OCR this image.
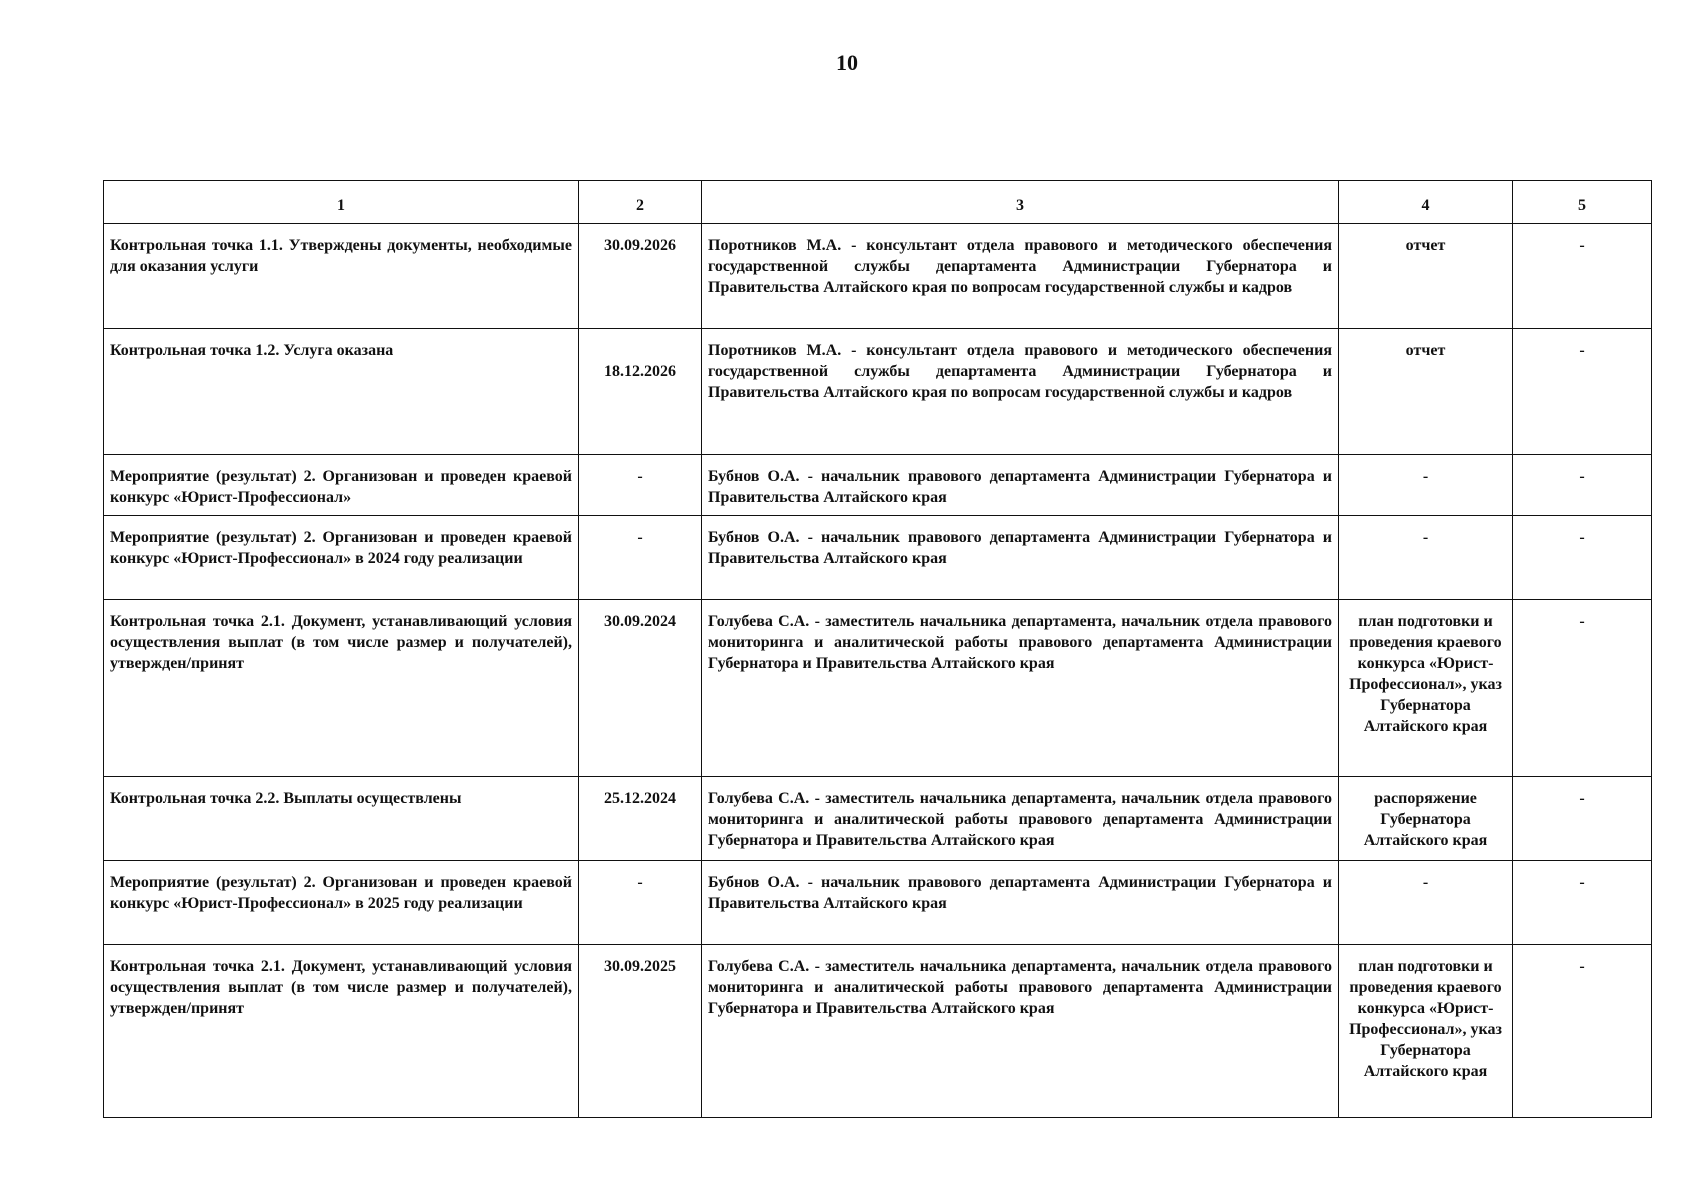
10
1	2	3	4	5
Контрольная точка 1.1. Утверждены документы, необходимые для оказания услуги	30.09.2026	Поротников М.А. - консультант отдела правового и методического обеспечения государственной службы департамента Администрации Губернатора и Правительства Алтайского края по вопросам государственной службы и кадров	отчет	-
Контрольная точка 1.2. Услуга оказана	18.12.2026	Поротников М.А. - консультант отдела правового и методического обеспечения государственной службы департамента Администрации Губернатора и Правительства Алтайского края по вопросам государственной службы и кадров	отчет	-
Мероприятие (результат) 2. Организован и проведен краевой конкурс «Юрист-Профессионал»	-	Бубнов О.А. - начальник правового департамента Администрации Губернатора и Правительства Алтайского края	-	-
Мероприятие (результат) 2. Организован и проведен краевой конкурс «Юрист-Профессионал» в 2024 году реализации	-	Бубнов О.А. - начальник правового департамента Администрации Губернатора и Правительства Алтайского края	-	-
Контрольная точка 2.1. Документ, устанавливающий условия осуществления выплат (в том числе размер и получателей), утвержден/принят	30.09.2024	Голубева С.А. - заместитель начальника департамента, начальник отдела правового мониторинга и аналитической работы правового департамента Администрации Губернатора и Правительства Алтайского края	план подготовки и проведения краевого конкурса «Юрист-Профессионал», указ Губернатора Алтайского края	-
Контрольная точка 2.2. Выплаты осуществлены	25.12.2024	Голубева С.А. - заместитель начальника департамента, начальник отдела правового мониторинга и аналитической работы правового департамента Администрации Губернатора и Правительства Алтайского края	распоряжение Губернатора Алтайского края	-
Мероприятие (результат) 2. Организован и проведен краевой конкурс «Юрист-Профессионал» в 2025 году реализации	-	Бубнов О.А. - начальник правового департамента Администрации Губернатора и Правительства Алтайского края	-	-
Контрольная точка 2.1. Документ, устанавливающий условия осуществления выплат (в том числе размер и получателей), утвержден/принят	30.09.2025	Голубева С.А. - заместитель начальника департамента, начальник отдела правового мониторинга и аналитической работы правового департамента Администрации Губернатора и Правительства Алтайского края	план подготовки и проведения краевого конкурса «Юрист-Профессионал», указ Губернатора Алтайского края	-
